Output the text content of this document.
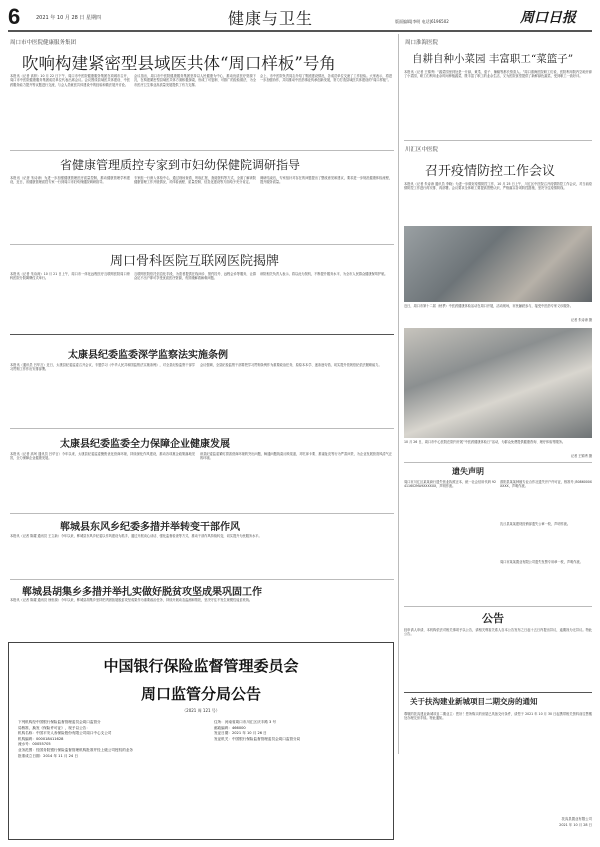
6	2021 年 10 月 28 日 星期四	健康与卫生	版面编辑|李明 电话|6196502	周口日报
周口市中医院健康服务集团
吹响构建紧密型县域医共体“周口样板”号角
本报讯（记者 高梓）10 月 22 日下午，周口市中医院健康服务集团在项城市召开，周口市中医院健康服务集团成员单位代表出席会议。会议围绕县域医共体建设、中医药服务能力提升等议题进行交流，与会人员就医共体建设中的经验和做法展开讨论。
会议指出，周口市中医院健康服务集团坚持以人民健康为中心，推动优质医疗资源下沉，在构建紧密型县域医共体方面积极探索，形成了可复制、可推广的经验做法，为全市医疗卫生事业高质量发展提供了有力支撑。
会上，市中医院负责同志介绍了集团建设情况，各成员单位交流了工作经验。大家表示，将进一步加强协作，共同推动中医药事业传承创新发展，努力打造县域医共体建设的“周口样板”。
省健康管理质控专家到市妇幼保健院调研指导
本报讯（记者 朱诗涛）为进一步加强健康管理医疗质量控制，推动健康管理学科建设，近日，省健康管理质控专家一行到周口市妇幼保健院调研指导。
专家组一行深入体检中心，通过现场查看、听取汇报、查阅资料等方式，全面了解该院健康管理工作开展情况，对体检流程、质量控制、信息化建设等方面给予充分肯定。
调研结束后，专家组针对存在的问题提出了整改意见和建议，要求进一步规范健康体检流程，提升服务质量。
周口骨科医院互联网医院揭牌
本报讯（记者 朱诗涛）10 月 21 日上午，周口市一体化远程医疗互联网医院周口骨科医院分院揭牌仪式举行。
互联网医院依托信息化手段，为患者提供在线问诊、预约挂号、远程会诊等服务，让群众足不出户即可享受优质医疗资源，有效缓解看病难问题。
该院相关负责人表示，将以此为契机，不断提升服务水平，为全市人民群众健康保驾护航。
太康县纪委监委深学监察法实施条例
本报讯（通讯员 吕华言）近日，太康县纪委监委召开会议，专题学习《中华人民共和国监察法实施条例》，对全县纪检监察干部学习贯彻工作作出安排部署。
会议强调，全县纪检监察干部要把学习贯彻条例作为重要政治任务，原原本本学、逐条逐句悟，切实提升依规依纪依法履职能力。
太康县纪委监委全力保障企业健康发展
本报讯（记者 高珂 通讯员 吕华言）今年以来，太康县纪委监委聚焦优化营商环境，持续深化作风建设，推动各项惠企政策落地见效，全力保障企业健康发展。
该县纪委监委紧盯损害营商环境的突出问题，畅通问题线索反映渠道，对吃拿卡要、推诿扯皮等行为严肃问责，为企业发展营造风清气正的环境。
郸城县东风乡纪委多措并举转变干部作风
本报讯（记者 陈耀 通讯员 王立新）今年以来，郸城县东风乡纪委以作风建设为抓手，通过开展谈心谈话、强化监督检查等方式，推动干部作风持续转变，切实提升为民服务水平。
郸城县胡集乡多措并举扎实做好脱贫攻坚成果巩固工作
本报讯（记者 陈耀 通讯员 徐世源）今年以来，郸城县胡集乡坚持把巩固拓展脱贫攻坚成果作为重要政治任务，持续开展动态监测和帮扶，坚决守住不发生规模性返贫底线。
中国银行保险监督管理委员会
周口监管分局公告
（2021 周 121 号）
下列机构经中国银行保险监督管理委员会周口监管分
局核准，换发《保险许可证》，现予以公告：
机构名称：中国平安人寿保险股份有限公司周口中心支公司
机构编码：000018411628
流水号：00055705
业务范围：经国务院银行保险监督管理机构批准并经上级公司授权的业务
批准成立日期：2014 年 11 月 24 日
住所：河南省周口市川汇区庆丰路 3 号
邮政编码：466000
发证日期：2021 年 10 月 26 日
发证机关：中国银行保险监督管理委员会周口监管分局
周口淮海医院
自耕自种小菜园 丰富职工“菜篮子”
本报讯（记者 王锦秀）“蔬菜园里到处是一片绿，黄瓜、茄子、辣椒等都长势喜人。”周口淮海医院职工们说，医院利用院内空地开辟了小菜园，职工们利用业余时间种植蔬菜，既丰富了职工的业余生活，又为医院食堂提供了新鲜绿色蔬菜，受到职工一致好评。
川汇区中医院
召开疫情防控工作会议
本报讯（记者 朱诗涛 通讯员 李晓）为进一步做好疫情防控工作，10 月 25 日上午，川汇区中医院召开疫情防控工作会议，对当前疫情防控工作进行再安排、再部署。会议要求全体职工要提高思想认识，严格落实各项防控措施，坚决守住疫情防线。
近日，周口市第十二届（秋季）中医药健康体验活动在周口开展，活动现场，市民踊跃参与，接受中医药专家义诊服务。
记者 朱诗涛 摄
10 月 26 日，周口市中心医院在院内开展“中医药健康体验日”活动，为群众免费提供健康咨询、理疗体验等服务。
记者 王锦秀 摄
遗失声明
周口市川汇区某某商行遗失营业执照正本，统一社会信用代码 92411602MA9XXXXXX，声明作废。
淮阳县某某种植专业合作社遗失开户许可证，核准号 J5086000XXXXX，声明作废。
沈丘县某某建材经销部遗失公章一枚，声明作废。
周口市某某置业有限公司遗失发票专用章一枚，声明作废。
公告
经申请人申请，本机构依法对相关事项予以公告，请相关利害关系人自本公告发布之日起十五日内提出异议，逾期视为无异议。特此公告。
关于扶沟建业新城项目二期交房的通知
尊敬的扶沟建业新城项目二期业主：您好！您所购买的房屋已具备交付条件，请您于 2021 年 10 月 30 日起携带相关资料前往售楼处办理交房手续。特此通知。
扶沟县置业有限公司
2021 年 10 月 28 日
